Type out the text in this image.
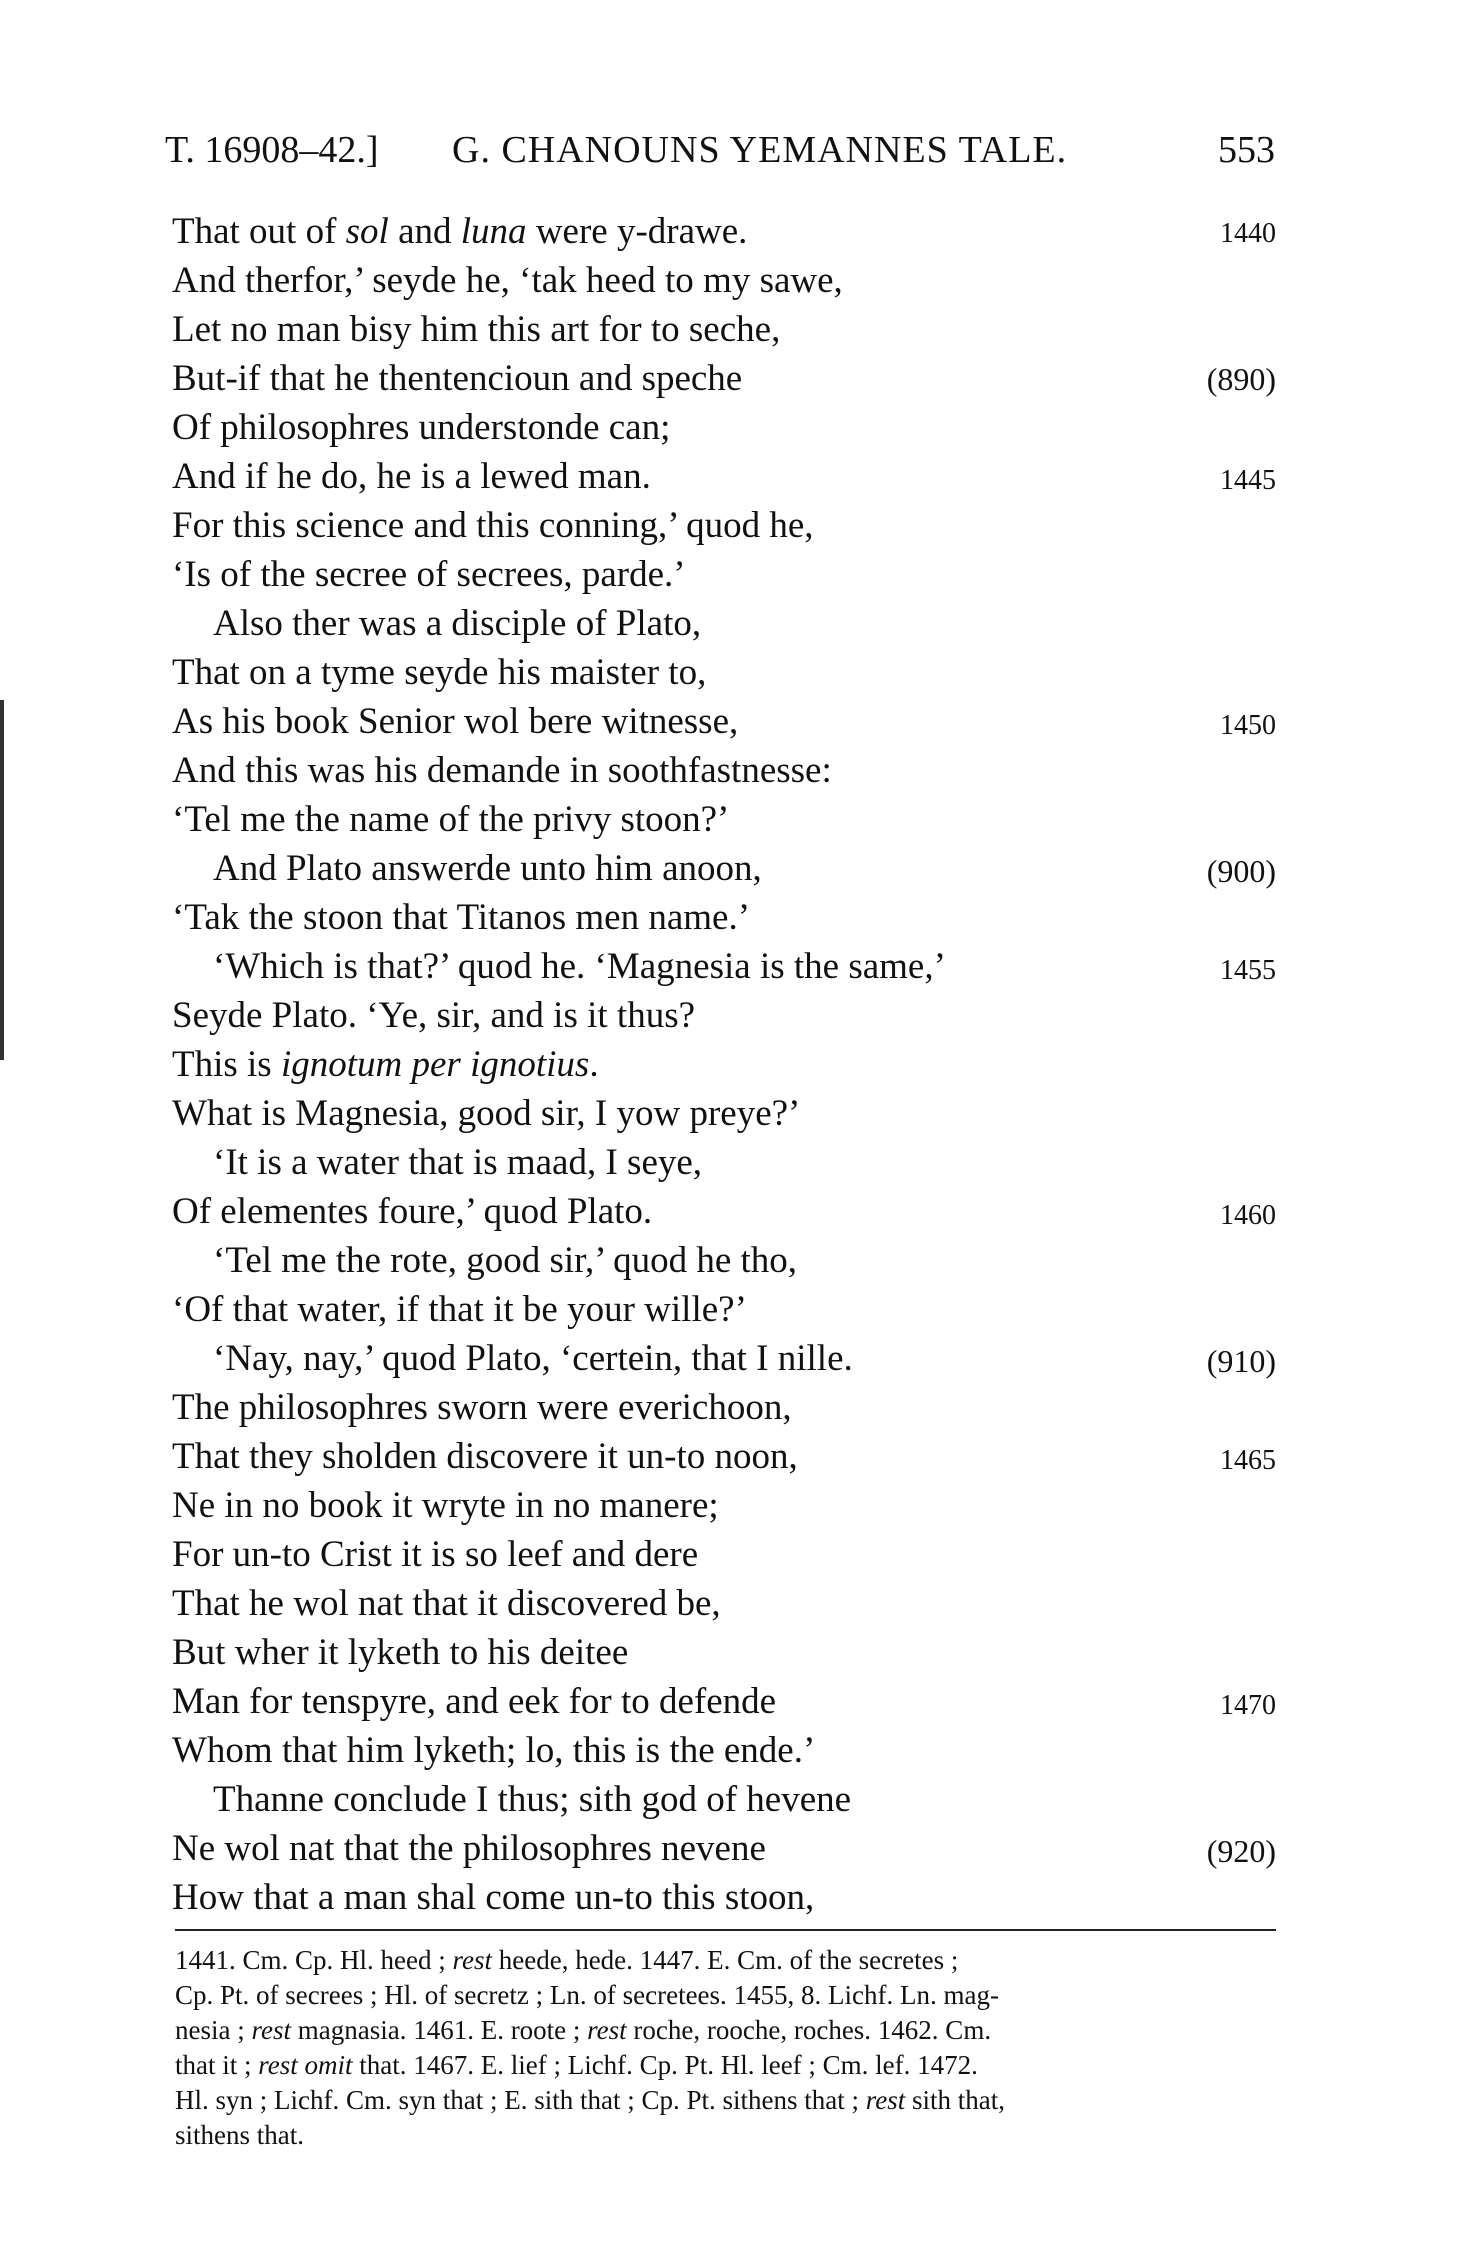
T. 16908–42.] G. CHANOUNS YEMANNES TALE.	553
That out of sol and luna were y-drawe.
And therfor,’ seyde he, ‘tak heed to my sawe,
Let no man bisy him this art for to seche,
But-if that he thentencioun and speche
Of philosophres understonde can;
And if he do, he is a lewed man.
For this science and this conning,’ quod he,
‘Is of the secree of secrees, parde.’
Also ther was a disciple of Plato,
That on a tyme seyde his maister to,
As his book Senior wol bere witnesse,
And this was his demande in soothfastnesse:
‘Tel me the name of the privy stoon?’
And Plato answerde unto him anoon,
‘Tak the stoon that Titanos men name.’
‘Which is that?’ quod he. ‘Magnesia is the same,’
Seyde Plato. ‘Ye, sir, and is it thus?
This is ignotum per ignotius.
What is Magnesia, good sir, I yow preye?’
‘It is a water that is maad, I seye,
Of elementes foure,’ quod Plato.
‘Tel me the rote, good sir,’ quod he tho,
‘Of that water, if that it be your wille?’
‘Nay, nay,’ quod Plato, ‘certein, that I nille.
The philosophres sworn were everichoon,
That they sholden discovere it un-to noon,
Ne in no book it wryte in no manere;
For un-to Crist it is so leef and dere
That he wol nat that it discovered be,
But wher it lyketh to his deitee
Man for tenspyre, and eek for to defende
Whom that him lyketh; lo, this is the ende.’
Thanne conclude I thus; sith god of hevene
Ne wol nat that the philosophres nevene
How that a man shal come un-to this stoon,
1440
(890)
1445
1450
(900)
1455
1460
(910)
1465
1470
(920)
1441. Cm. Cp. Hl. heed ; rest heede, hede. 1447. E. Cm. of the secretes ;
Cp. Pt. of secrees ; Hl. of secretz ; Ln. of secretees. 1455, 8. Lichf. Ln. mag-
nesia ; rest magnasia. 1461. E. roote ; rest roche, rooche, roches. 1462. Cm.
that it ; rest omit that. 1467. E. lief ; Lichf. Cp. Pt. Hl. leef ; Cm. lef. 1472.
Hl. syn ; Lichf. Cm. syn that ; E. sith that ; Cp. Pt. sithens that ; rest sith that,
sithens that.
